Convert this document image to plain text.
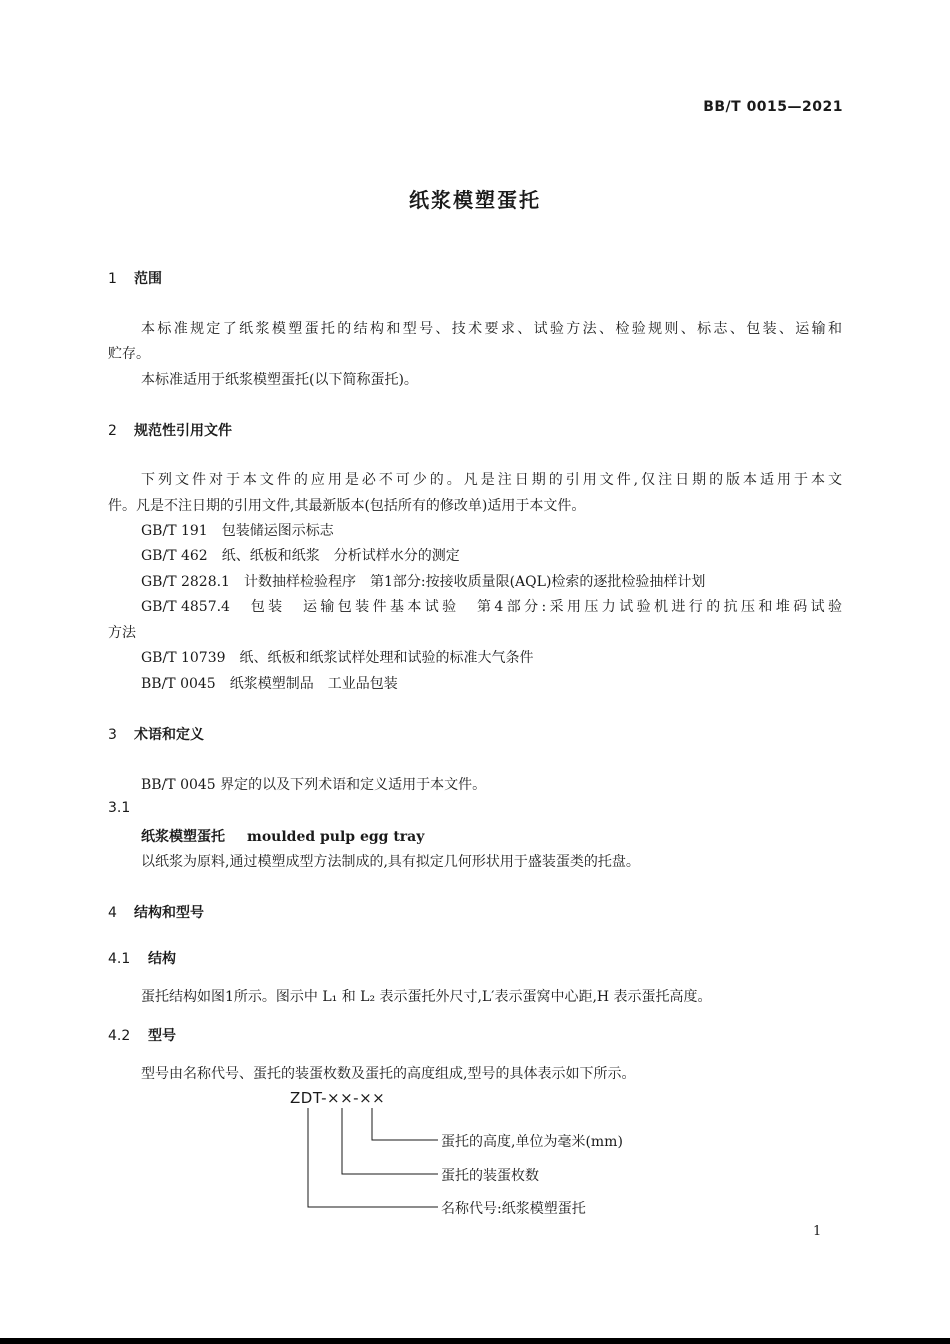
BB/T 0015—2021
纸浆模塑蛋托
1 范围
本标准规定了纸浆模塑蛋托的结构和型号、技术要求、试验方法、检验规则、标志、包装、运输和
贮存。
本标准适用于纸浆模塑蛋托(以下简称蛋托)。
2 规范性引用文件
下列文件对于本文件的应用是必不可少的。凡是注日期的引用文件,仅注日期的版本适用于本文
件。凡是不注日期的引用文件,其最新版本(包括所有的修改单)适用于本文件。
GB/T 191　 包装储运图示标志
GB/T 462　 纸、纸板和纸浆　分析试样水分的测定
GB/T 2828.1　 计数抽样检验程序　第1部分:按接收质量限(AQL)检索的逐批检验抽样计划
GB/T 4857.4　 包装　运输包装件基本试验　第4部分:采用压力试验机进行的抗压和堆码试验
方法
GB/T 10739　 纸、纸板和纸浆试样处理和试验的标准大气条件
BB/T 0045　 纸浆模塑制品　工业品包装
3 术语和定义
BB/T 0045 界定的以及下列术语和定义适用于本文件。
3.1
纸浆模塑蛋托 moulded pulp egg tray
以纸浆为原料,通过模塑成型方法制成的,具有拟定几何形状用于盛装蛋类的托盘。
4 结构和型号
4.1 结构
蛋托结构如图1所示。图示中 L₁ 和 L₂ 表示蛋托外尺寸,L′表示蛋窝中心距,H 表示蛋托高度。
4.2 型号
型号由名称代号、蛋托的装蛋枚数及蛋托的高度组成,型号的具体表示如下所示。
ZDT-××-××
蛋托的高度,单位为毫米(mm)
蛋托的装蛋枚数
名称代号:纸浆模塑蛋托
1
